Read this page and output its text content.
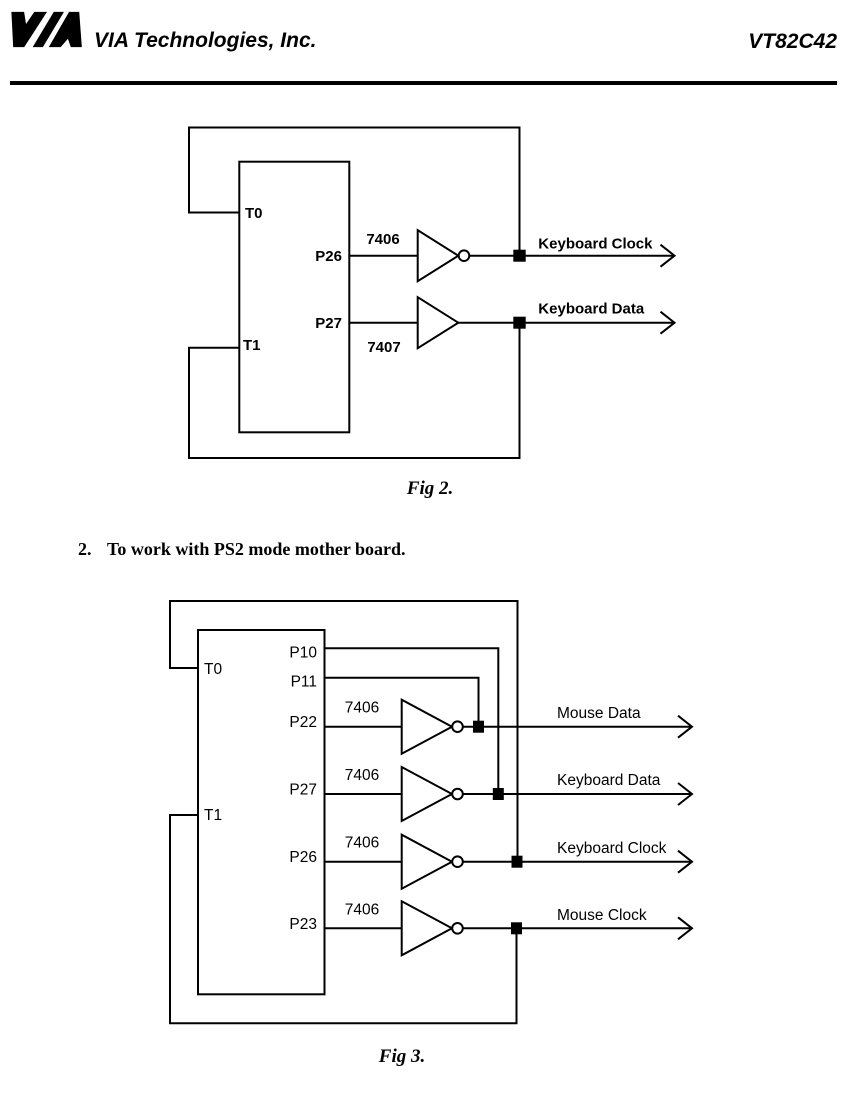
VIA Technologies, Inc.	VT82C42
T0
T1
P26
P27
7406
7407
Keyboard Clock
Keyboard Data
Fig 2.
2. To work with PS2 mode mother board.
T0
T1
P10
P11
P22
P27
P26
P23
7406
7406
7406
7406
Mouse Data
Keyboard Data
Keyboard Clock
Mouse Clock
Fig 3.
